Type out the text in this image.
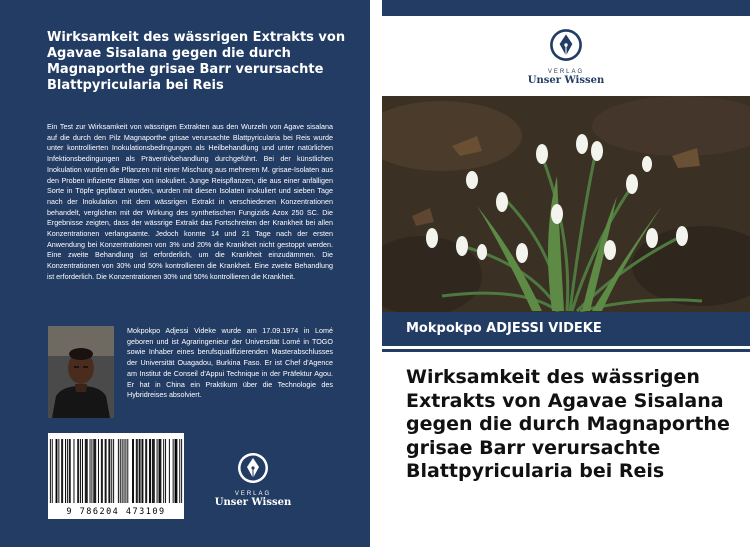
Wirksamkeit des wässrigen Extrakts von Agavae Sisalana gegen die durch Magnaporthe grisae Barr verursachte Blattpyricularia bei Reis
Ein Test zur Wirksamkeit von wässrigen Extrakten aus den Wurzeln von Agave sisalana auf die durch den Pilz Magnaporthe grisae verursachte Blattpyricularia bei Reis wurde unter kontrollierten Inokulationsbedingungen als Heilbehandlung und unter natürlichen Infektionsbedingungen als Präventivbehandlung durchgeführt. Bei der künstlichen Inokulation wurden die Pflanzen mit einer Mischung aus mehreren M. grisae-Isolaten aus den Proben infizierter Blätter von inokuliert. Junge Reispflanzen, die aus einer anfälligen Sorte in Töpfe gepflanzt wurden, wurden mit diesen Isolaten inokuliert und sieben Tage nach der Inokulation mit dem wässrigen Extrakt in verschiedenen Konzentrationen behandelt, verglichen mit der Wirkung des synthetischen Fungizids Azox 250 SC. Die Ergebnisse zeigten, dass der wässrige Extrakt das Fortschreiten der Krankheit bei allen Konzentrationen verlangsamte. Jedoch konnte 14 und 21 Tage nach der ersten Anwendung bei Konzentrationen von 3% und 20% die Krankheit nicht gestoppt werden. Eine zweite Behandlung ist erforderlich, um die Krankheit einzudämmen. Die Konzentrationen von 30% und 50% kontrollieren die Krankheit. Eine zweite Behandlung ist erforderlich. Die Konzentrationen 30% und 50% kontrollieren die Krankheit.
Mokpokpo Adjessi Videke wurde am 17.09.1974 in Lomé geboren und ist Agraringenieur der Universität Lomé in TOGO sowie Inhaber eines berufsqualifizierenden Masterabschlusses der Universität Ouagadou, Burkina Faso. Er ist Chef d'Agence am Institut de Conseil d'Appui Technique in der Präfektur Agou. Er hat in China ein Praktikum über die Technologie des Hybridreises absolviert.
9 786204 473109
VERLAG
Unser Wissen
VERLAG
Unser Wissen
Mokpokpo ADJESSI VIDEKE
Wirksamkeit des wässrigen Extrakts von Agavae Sisalana gegen die durch Magnaporthe grisae Barr verursachte Blattpyricularia bei Reis
